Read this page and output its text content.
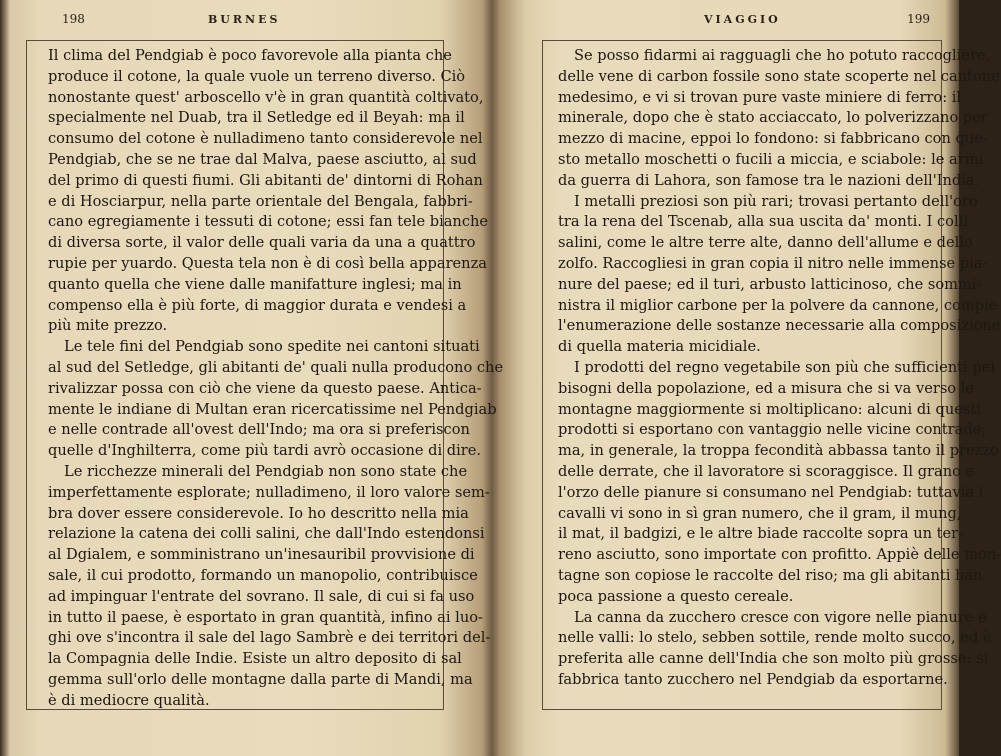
198	BURNES
Il clima del Pendgiab è poco favorevole alla pianta che
produce il cotone, la quale vuole un terreno diverso. Ciò
nonostante quest' arboscello v'è in gran quantità coltivato,
specialmente nel Duab, tra il Setledge ed il Beyah: ma il
consumo del cotone è nulladimeno tanto considerevole nel
Pendgiab, che se ne trae dal Malva, paese asciutto, al sud
del primo di questi fiumi. Gli abitanti de' dintorni di Rohan
e di Hosciarpur, nella parte orientale del Bengala, fabbri-
cano egregiamente i tessuti di cotone; essi fan tele bianche
di diversa sorte, il valor delle quali varia da una a quattro
rupie per yuardo. Questa tela non è di così bella apparenza
quanto quella che viene dalle manifatture inglesi; ma in
compenso ella è più forte, di maggior durata e vendesi a
più mite prezzo.
Le tele fini del Pendgiab sono spedite nei cantoni situati
al sud del Setledge, gli abitanti de' quali nulla producono che
rivalizzar possa con ciò che viene da questo paese. Antica-
mente le indiane di Multan eran ricercatissime nel Pendgiab
e nelle contrade all'ovest dell'Indo; ma ora si preferiscon
quelle d'Inghilterra, come più tardi avrò occasione di dire.
Le ricchezze minerali del Pendgiab non sono state che
imperfettamente esplorate; nulladimeno, il loro valore sem-
bra dover essere considerevole. Io ho descritto nella mia
relazione la catena dei colli salini, che dall'Indo estendonsi
al Dgialem, e somministrano un'inesauribil provvisione di
sale, il cui prodotto, formando un manopolio, contribuisce
ad impinguar l'entrate del sovrano. Il sale, di cui si fa uso
in tutto il paese, è esportato in gran quantità, infino ai luo-
ghi ove s'incontra il sale del lago Sambrè e dei territori del-
la Compagnia delle Indie. Esiste un altro deposito di sal
gemma sull'orlo delle montagne dalla parte di Mandi, ma
è di mediocre qualità.
VIAGGIO	199
Se posso fidarmi ai ragguagli che ho potuto raccogliere,
delle vene di carbon fossile sono state scoperte nel cantone
medesimo, e vi si trovan pure vaste miniere di ferro: il
minerale, dopo che è stato acciaccato, lo polverizzano per
mezzo di macine, eppoi lo fondono: si fabbricano con que-
sto metallo moschetti o fucili a miccia, e sciabole: le armi
da guerra di Lahora, son famose tra le nazioni dell'India.
I metalli preziosi son più rari; trovasi pertanto dell'oro
tra la rena del Tscenab, alla sua uscita da' monti. I colli
salini, come le altre terre alte, danno dell'allume e dello
zolfo. Raccogliesi in gran copia il nitro nelle immense pia-
nure del paese; ed il turi, arbusto latticinoso, che sommi-
nistra il miglior carbone per la polvere da cannone, compie
l'enumerazione delle sostanze necessarie alla composizione
di quella materia micidiale.
I prodotti del regno vegetabile son più che sufficienti pei
bisogni della popolazione, ed a misura che si va verso le
montagne maggiormente si moltiplicano: alcuni di questi
prodotti si esportano con vantaggio nelle vicine contrade;
ma, in generale, la troppa fecondità abbassa tanto il prezzo
delle derrate, che il lavoratore si scoraggisce. Il grano e
l'orzo delle pianure si consumano nel Pendgiab: tuttavia i
cavalli vi sono in sì gran numero, che il gram, il mung,
il mat, il badgizi, e le altre biade raccolte sopra un ter-
reno asciutto, sono importate con profitto. Appiè delle mon-
tagne son copiose le raccolte del riso; ma gli abitanti han
poca passione a questo cereale.
La canna da zucchero cresce con vigore nelle pianure e
nelle valli: lo stelo, sebben sottile, rende molto succo, ed è
preferita alle canne dell'India che son molto più grosse: si
fabbrica tanto zucchero nel Pendgiab da esportarne.
